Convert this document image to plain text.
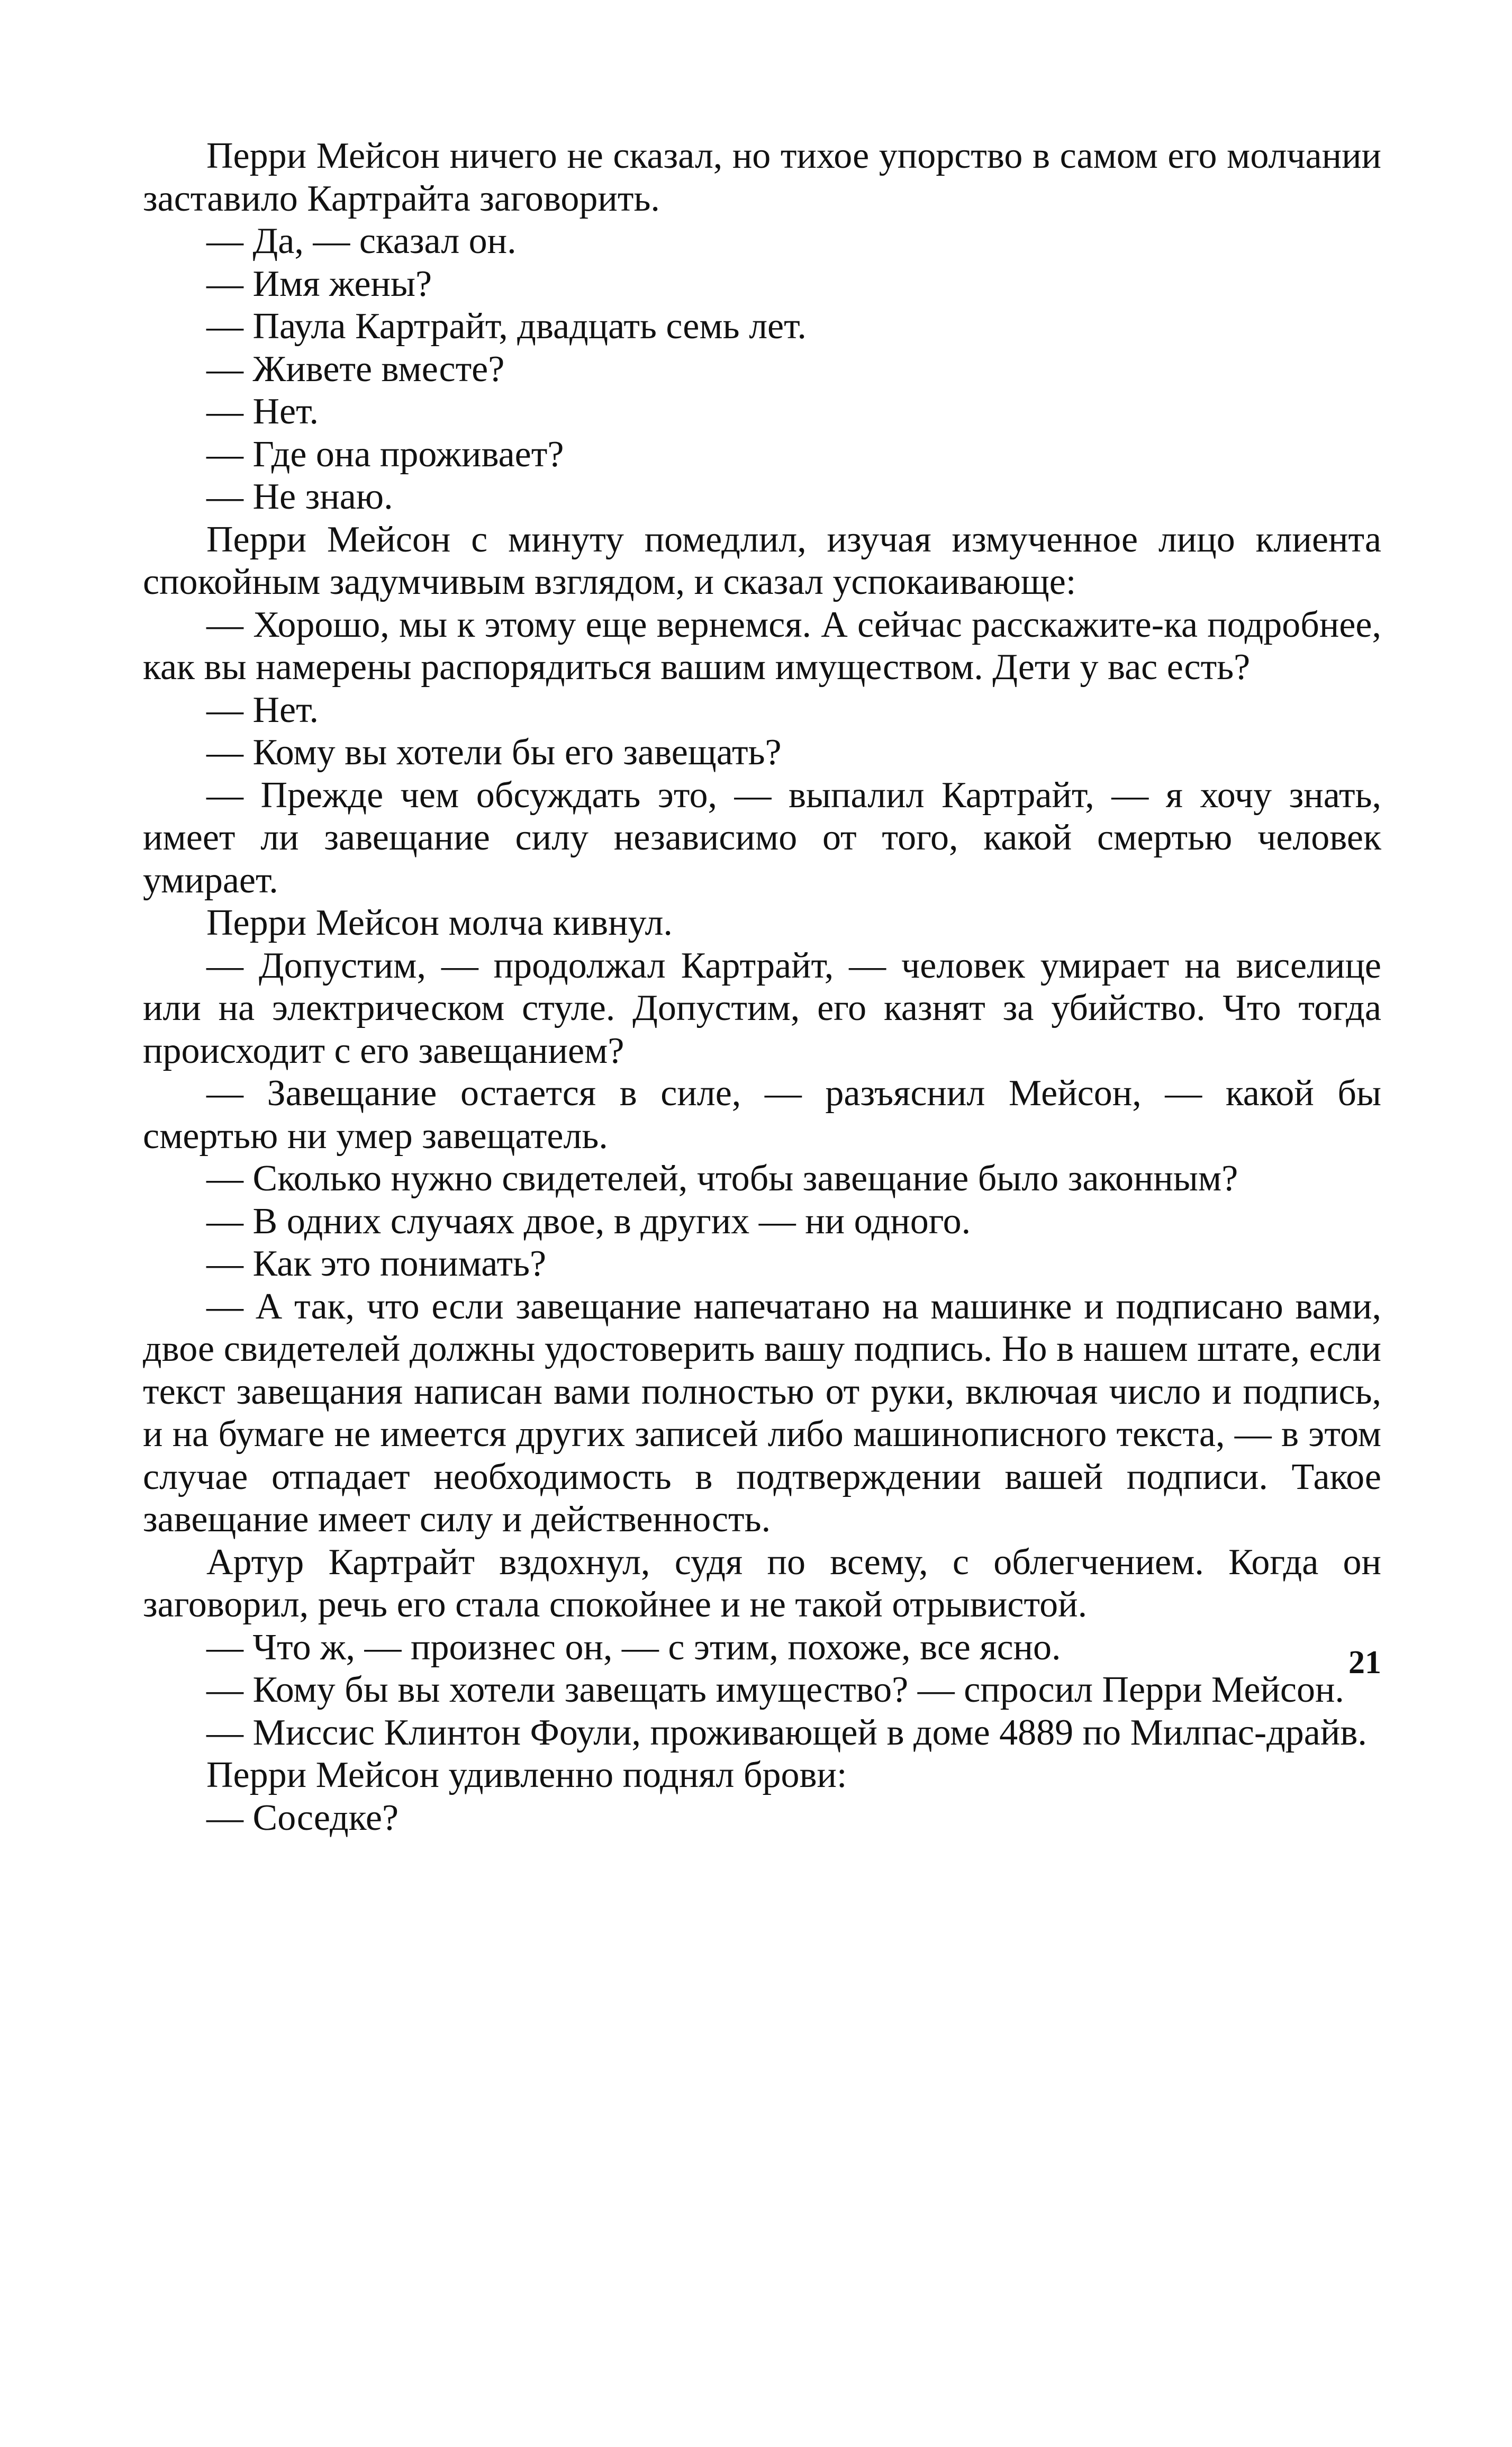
Перри Мейсон ничего не сказал, но тихое упорство в самом его молчании заставило Картрайта заговорить.

— Да, — сказал он.

— Имя жены?

— Паула Картрайт, двадцать семь лет.

— Живете вместе?

— Нет.

— Где она проживает?

— Не знаю.

Перри Мейсон с минуту помедлил, изучая измученное лицо клиента спокойным задумчивым взглядом, и сказал успокаивающе:

— Хорошо, мы к этому еще вернемся. А сейчас расскажите-ка подробнее, как вы намерены распорядиться вашим имуществом. Дети у вас есть?

— Нет.

— Кому вы хотели бы его завещать?

— Прежде чем обсуждать это, — выпалил Картрайт, — я хочу знать, имеет ли завещание силу независимо от того, какой смертью человек умирает.

Перри Мейсон молча кивнул.

— Допустим, — продолжал Картрайт, — человек умирает на виселице или на электрическом стуле. Допустим, его казнят за убийство. Что тогда происходит с его завещанием?

— Завещание остается в силе, — разъяснил Мейсон, — какой бы смертью ни умер завещатель.

— Сколько нужно свидетелей, чтобы завещание было законным?

— В одних случаях двое, в других — ни одного.

— Как это понимать?

— А так, что если завещание напечатано на машинке и подписано вами, двое свидетелей должны удостоверить вашу подпись. Но в нашем штате, если текст завещания написан вами полностью от руки, включая число и подпись, и на бумаге не имеется других записей либо машинописного текста, — в этом случае отпадает необходимость в подтверждении вашей подписи. Такое завещание имеет силу и действенность.

Артур Картрайт вздохнул, судя по всему, с облегчением. Когда он заговорил, речь его стала спокойнее и не такой отрывистой.

— Что ж, — произнес он, — с этим, похоже, все ясно.

— Кому бы вы хотели завещать имущество? — спросил Перри Мейсон.

— Миссис Клинтон Фоули, проживающей в доме 4889 по Милпас-драйв.

Перри Мейсон удивленно поднял брови:

— Соседке?

21
